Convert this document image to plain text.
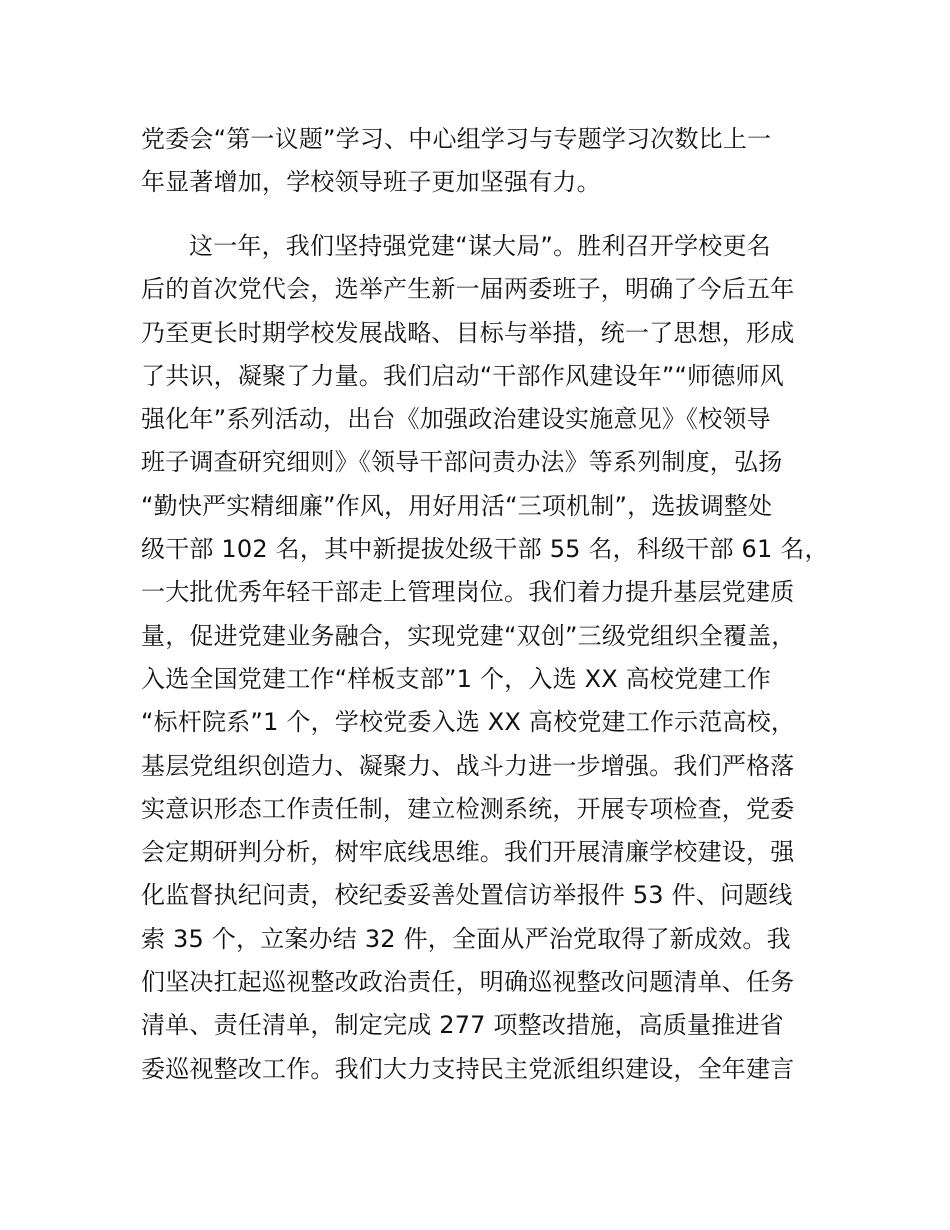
党委会“第一议题”学习、中心组学习与专题学习次数比上一
年显著增加，学校领导班子更加坚强有力。
这一年，我们坚持强党建“谋大局”。胜利召开学校更名
后的首次党代会，选举产生新一届两委班子，明确了今后五年
乃至更长时期学校发展战略、目标与举措，统一了思想，形成
了共识，凝聚了力量。我们启动“干部作风建设年”“师德师风
强化年”系列活动，出台《加强政治建设实施意见》《校领导
班子调查研究细则》《领导干部问责办法》等系列制度，弘扬
“勤快严实精细廉”作风，用好用活“三项机制”，选拔调整处
级干部 102 名，其中新提拔处级干部 55 名，科级干部 61 名，
一大批优秀年轻干部走上管理岗位。我们着力提升基层党建质
量，促进党建业务融合，实现党建“双创”三级党组织全覆盖，
入选全国党建工作“样板支部”1 个，入选 XX 高校党建工作
“标杆院系”1 个，学校党委入选 XX 高校党建工作示范高校，
基层党组织创造力、凝聚力、战斗力进一步增强。我们严格落
实意识形态工作责任制，建立检测系统，开展专项检查，党委
会定期研判分析，树牢底线思维。我们开展清廉学校建设，强
化监督执纪问责，校纪委妥善处置信访举报件 53 件、问题线
索 35 个，立案办结 32 件，全面从严治党取得了新成效。我
们坚决扛起巡视整改政治责任，明确巡视整改问题清单、任务
清单、责任清单，制定完成 277 项整改措施，高质量推进省
委巡视整改工作。我们大力支持民主党派组织建设，全年建言
